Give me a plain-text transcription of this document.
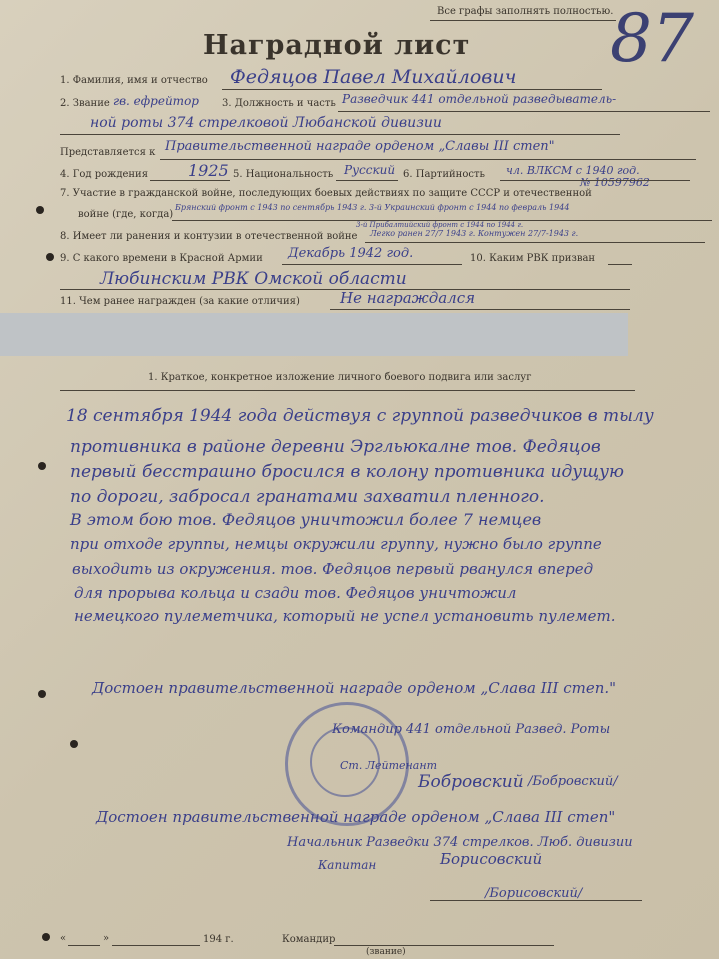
Все графы заполнять полностью.
87
Наградной лист
1. Фамилия, имя и отчество Федяцов Павел Михайлович
2. Звание гв. ефрейтор 3. Должность и часть Разведчик 441 отдельной разведыватель-
ной роты 374 стрелковой Любанской дивизии
Представляется к Правительственной награде орденом „Славы III степ"
4. Год рождения 1925 5. Национальность Русский 6. Партийность чл. ВЛКСМ с 1940 год.
№ 10597962
7. Участие в гражданской войне, последующих боевых действиях по защите СССР и отечественной
войне (где, когда)
Брянский фронт с 1943 по сентябрь 1943 г. 3-й Украинский фронт с 1944 по февраль 1944
3-й Прибалтийский фронт с 1944 по 1944 г.
8. Имеет ли ранения и контузии в отечественной войне Легко ранен 27/7 1943 г. Контужен 27/7-1943 г.
9. С какого времени в Красной Армии Декабрь 1942 год.	10. Каким РВК призван
Любинским РВК Омской области
11. Чем ранее награжден (за какие отличия)	Не награждался
1. Краткое, конкретное изложение личного боевого подвига или заслуг
18 сентября 1944 года действуя с группой разведчиков в тылу
противника в районе деревни Эргльюкалне тов. Федяцов
первый бесстрашно бросился в колону противника идущую
по дороги, забросал гранатами захватил пленного.
В этом бою тов. Федяцов уничтожил более 7 немцев
при отходе группы, немцы окружили группу, нужно было группе
выходить из окружения. тов. Федяцов первый рванулся вперед
для прорыва кольца и сзади тов. Федяцов уничтожил
немецкого пулеметчика, который не успел установить пулемет.
Достоен правительственной награде орденом „Слава III степ."
Командир 441 отдельной Развед. Роты
Ст. Лейтенант
Бобровский /Бобровский/
Достоен правительственной награде орденом „Слава III степ"
Начальник Разведки 374 стрелков. Люб. дивизии
Капитан	Борисовский
/Борисовский/
«	»	194 г.	Командир
(звание)
